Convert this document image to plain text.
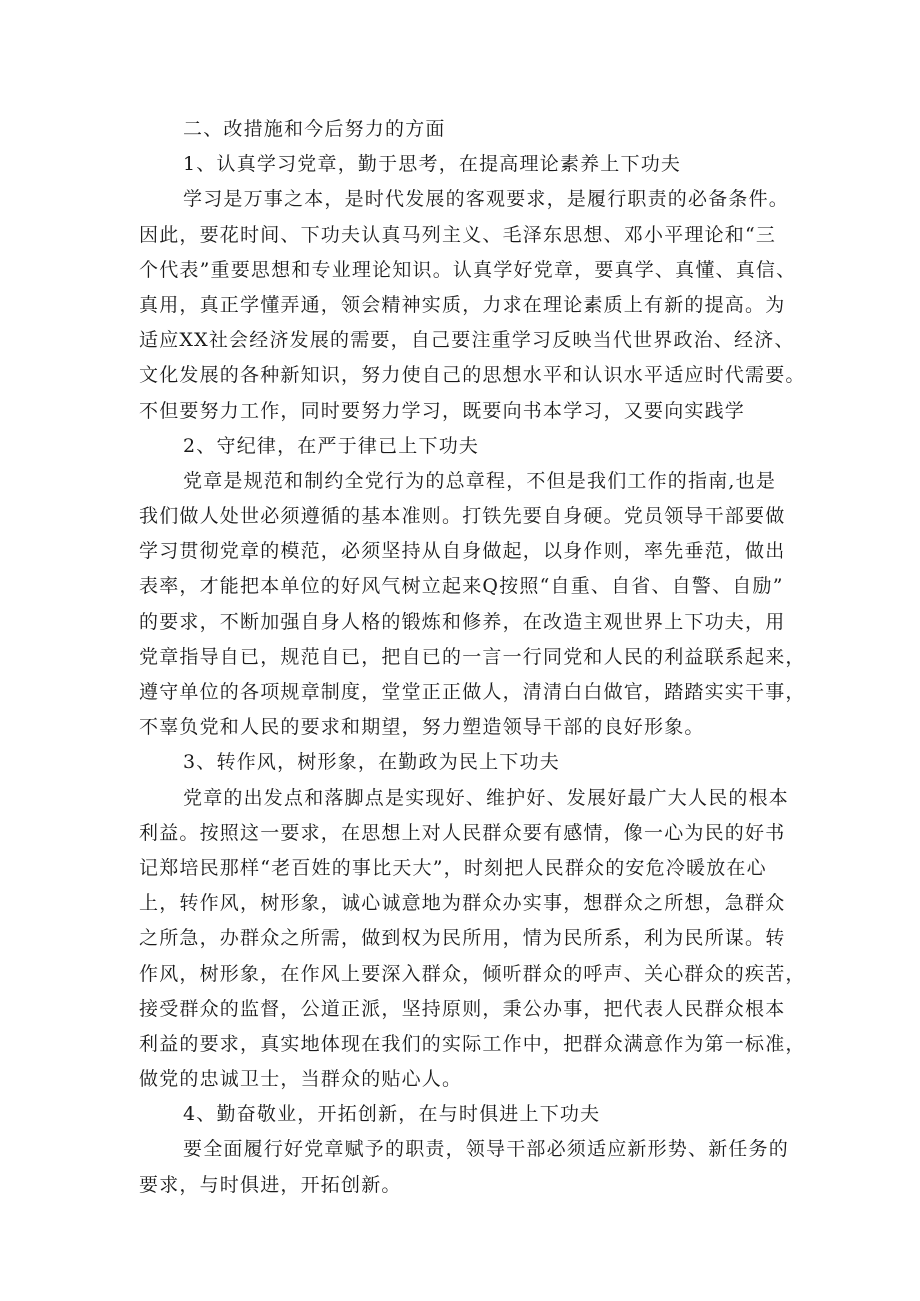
二、改措施和今后努力的方面
1、认真学习党章，勤于思考，在提高理论素养上下功夫
学习是万事之本，是时代发展的客观要求，是履行职责的必备条件。
因此，要花时间、下功夫认真马列主义、毛泽东思想、邓小平理论和“三
个代表”重要思想和专业理论知识。认真学好党章，要真学、真懂、真信、
真用，真正学懂弄通，领会精神实质，力求在理论素质上有新的提高。为
适应XX社会经济发展的需要，自己要注重学习反映当代世界政治、经济、
文化发展的各种新知识，努力使自己的思想水平和认识水平适应时代需要。
不但要努力工作，同时要努力学习，既要向书本学习，又要向实践学
2、守纪律，在严于律已上下功夫
党章是规范和制约全党行为的总章程，不但是我们工作的指南,也是
我们做人处世必须遵循的基本准则。打铁先要自身硬。党员领导干部要做
学习贯彻党章的模范，必须坚持从自身做起，以身作则，率先垂范，做出
表率，才能把本单位的好风气树立起来Q按照“自重、自省、自警、自励”
的要求，不断加强自身人格的锻炼和修养，在改造主观世界上下功夫，用
党章指导自已，规范自已，把自已的一言一行同党和人民的利益联系起来，
遵守单位的各项规章制度，堂堂正正做人，清清白白做官，踏踏实实干事，
不辜负党和人民的要求和期望，努力塑造领导干部的良好形象。
3、转作风，树形象，在勤政为民上下功夫
党章的出发点和落脚点是实现好、维护好、发展好最广大人民的根本
利益。按照这一要求，在思想上对人民群众要有感情，像一心为民的好书
记郑培民那样“老百姓的事比天大”，时刻把人民群众的安危冷暖放在心
上，转作风，树形象，诚心诚意地为群众办实事，想群众之所想，急群众
之所急，办群众之所需，做到权为民所用，情为民所系，利为民所谋。转
作风，树形象，在作风上要深入群众，倾听群众的呼声、关心群众的疾苦，
接受群众的监督，公道正派，坚持原则，秉公办事，把代表人民群众根本
利益的要求，真实地体现在我们的实际工作中，把群众满意作为第一标准，
做党的忠诚卫士，当群众的贴心人。
4、勤奋敬业，开拓创新，在与时俱进上下功夫
要全面履行好党章赋予的职责，领导干部必须适应新形势、新任务的
要求，与时俱进，开拓创新。
